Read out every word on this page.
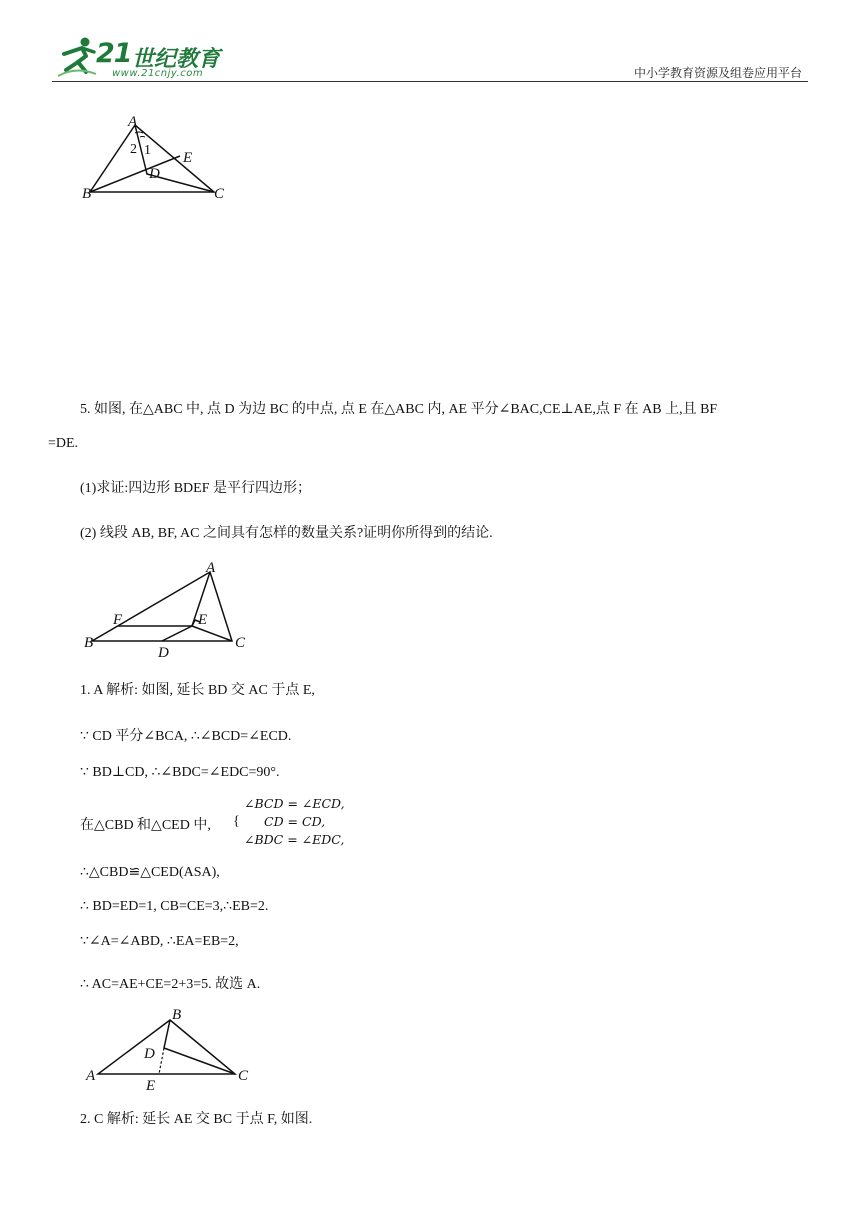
21 世纪教育
www.21cnjy.com	中小学教育资源及组卷应用平台
A
B	C
D
E
2 1
5. 如图, 在△ABC 中, 点 D 为边 BC 的中点, 点 E 在△ABC 内, AE 平分∠BAC,CE⊥AE,点 F 在 AB 上,且 BF
=DE.
(1)求证:四边形 BDEF 是平行四边形；
(2) 线段 AB, BF, AC 之间具有怎样的数量关系?证明你所得到的结论.
A
B	C
D
E
F
1. A 解析: 如图, 延长 BD 交 AC 于点 E,
∵ CD 平分∠BCA, ∴∠BCD=∠ECD.
∵ BD⊥CD, ∴∠BDC=∠EDC=90°.
在△CBD 和△CED 中, {
∠BCD = ∠ECD,
CD = CD,
∠BDC = ∠EDC,
∴△CBD≌△CED(ASA),
∴ BD=ED=1, CB=CE=3,∴EB=2.
∵∠A=∠ABD, ∴EA=EB=2,
∴ AC=AE+CE=2+3=5. 故选 A.
B
A	C
D
E
2. C 解析: 延长 AE 交 BC 于点 F, 如图.
